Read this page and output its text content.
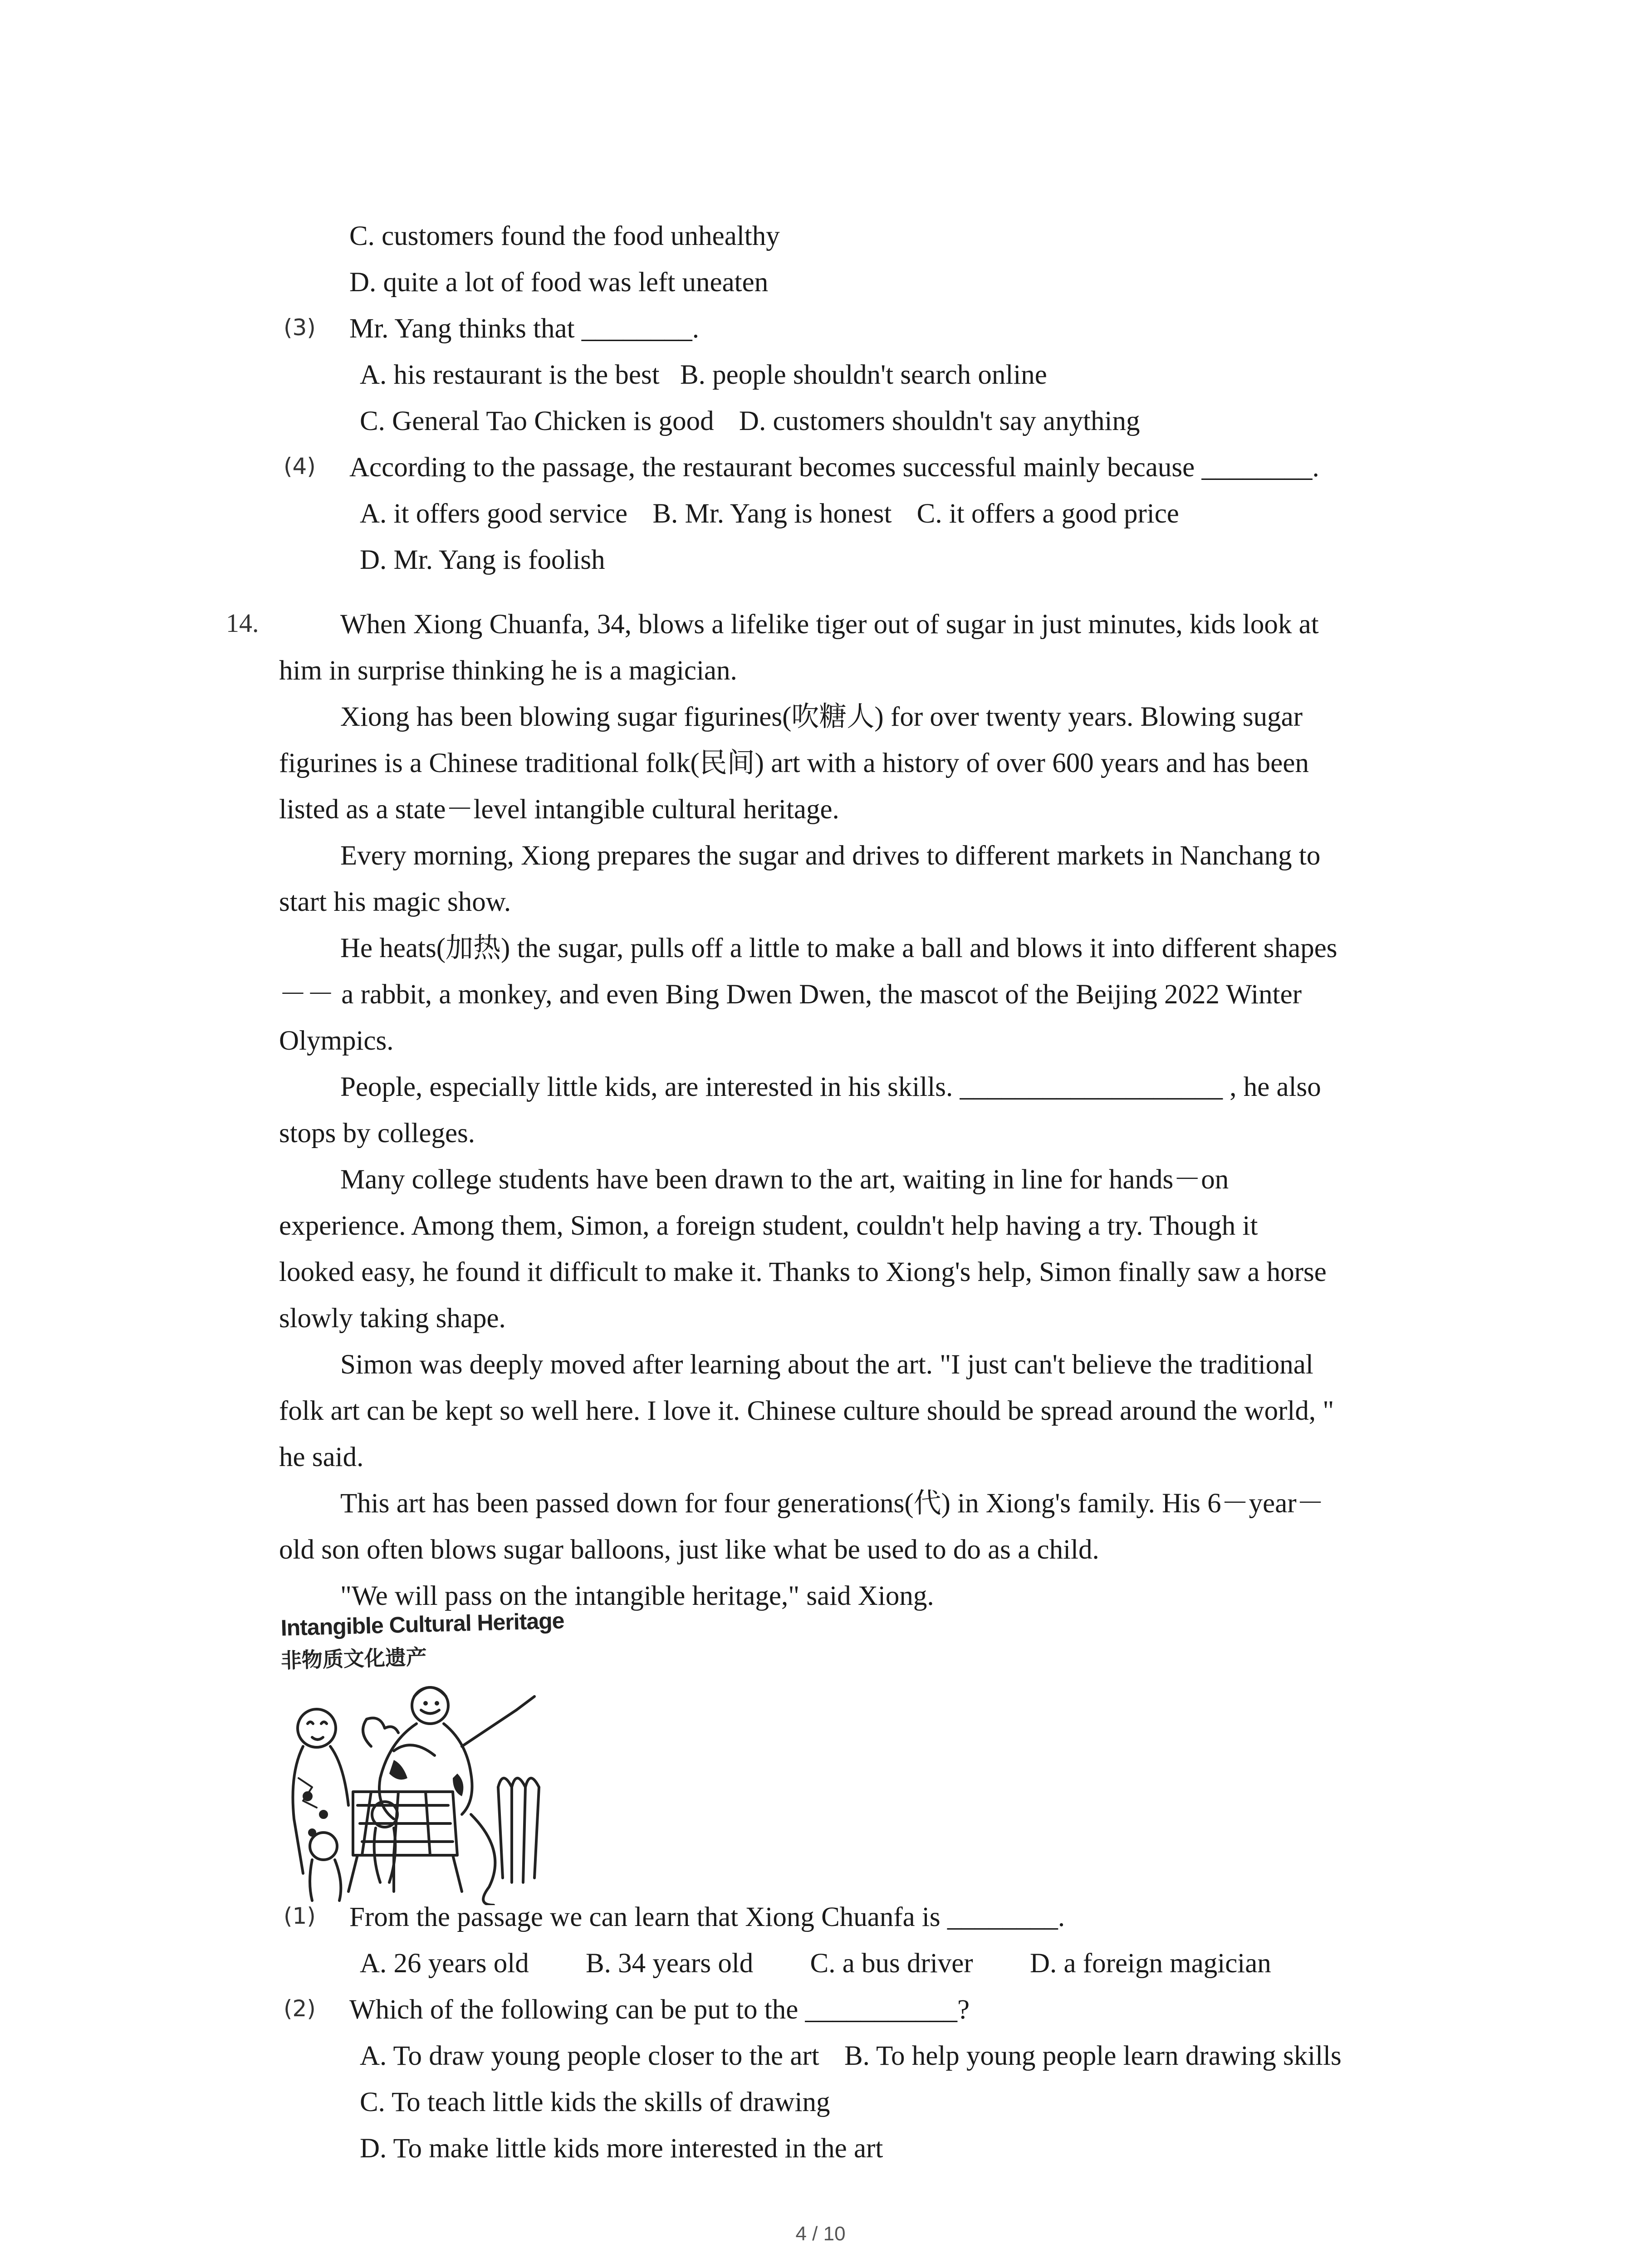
C. customers found the food unhealthy
D. quite a lot of food was left uneaten
(3) Mr. Yang thinks that ________.
A. his restaurant is the best B. people shouldn't search online
C. General Tao Chicken is good D. customers shouldn't say anything
(4) According to the passage, the restaurant becomes successful mainly because ________.
A. it offers good service B. Mr. Yang is honest C. it offers a good price
D. Mr. Yang is foolish
14.	When Xiong Chuanfa, 34, blows a lifelike tiger out of sugar in just minutes, kids look at
him in surprise thinking he is a magician.
Xiong has been blowing sugar figurines(吹糖人) for over twenty years. Blowing sugar
figurines is a Chinese traditional folk(民间) art with a history of over 600 years and has been
listed as a state－level intangible cultural heritage.
Every morning, Xiong prepares the sugar and drives to different markets in Nanchang to
start his magic show.
He heats(加热) the sugar, pulls off a little to make a ball and blows it into different shapes
－－ a rabbit, a monkey, and even Bing Dwen Dwen, the mascot of the Beijing 2022 Winter
Olympics.
People, especially little kids, are interested in his skills. ___________________ , he also
stops by colleges.
Many college students have been drawn to the art, waiting in line for hands－on
experience. Among them, Simon, a foreign student, couldn't help having a try. Though it
looked easy, he found it difficult to make it. Thanks to Xiong's help, Simon finally saw a horse
slowly taking shape.
Simon was deeply moved after learning about the art. "I just can't believe the traditional
folk art can be kept so well here. I love it. Chinese culture should be spread around the world, "
he said.
This art has been passed down for four generations(代) in Xiong's family. His 6－year－
old son often blows sugar balloons, just like what be used to do as a child.
"We will pass on the intangible heritage," said Xiong.
Intangible Cultural Heritage
非物质文化遗产
(1) From the passage we can learn that Xiong Chuanfa is ________.
A. 26 years old B. 34 years old C. a bus driver D. a foreign magician
(2) Which of the following can be put to the ___________?
A. To draw young people closer to the art B. To help young people learn drawing skills
C. To teach little kids the skills of drawing
D. To make little kids more interested in the art
4 / 10
